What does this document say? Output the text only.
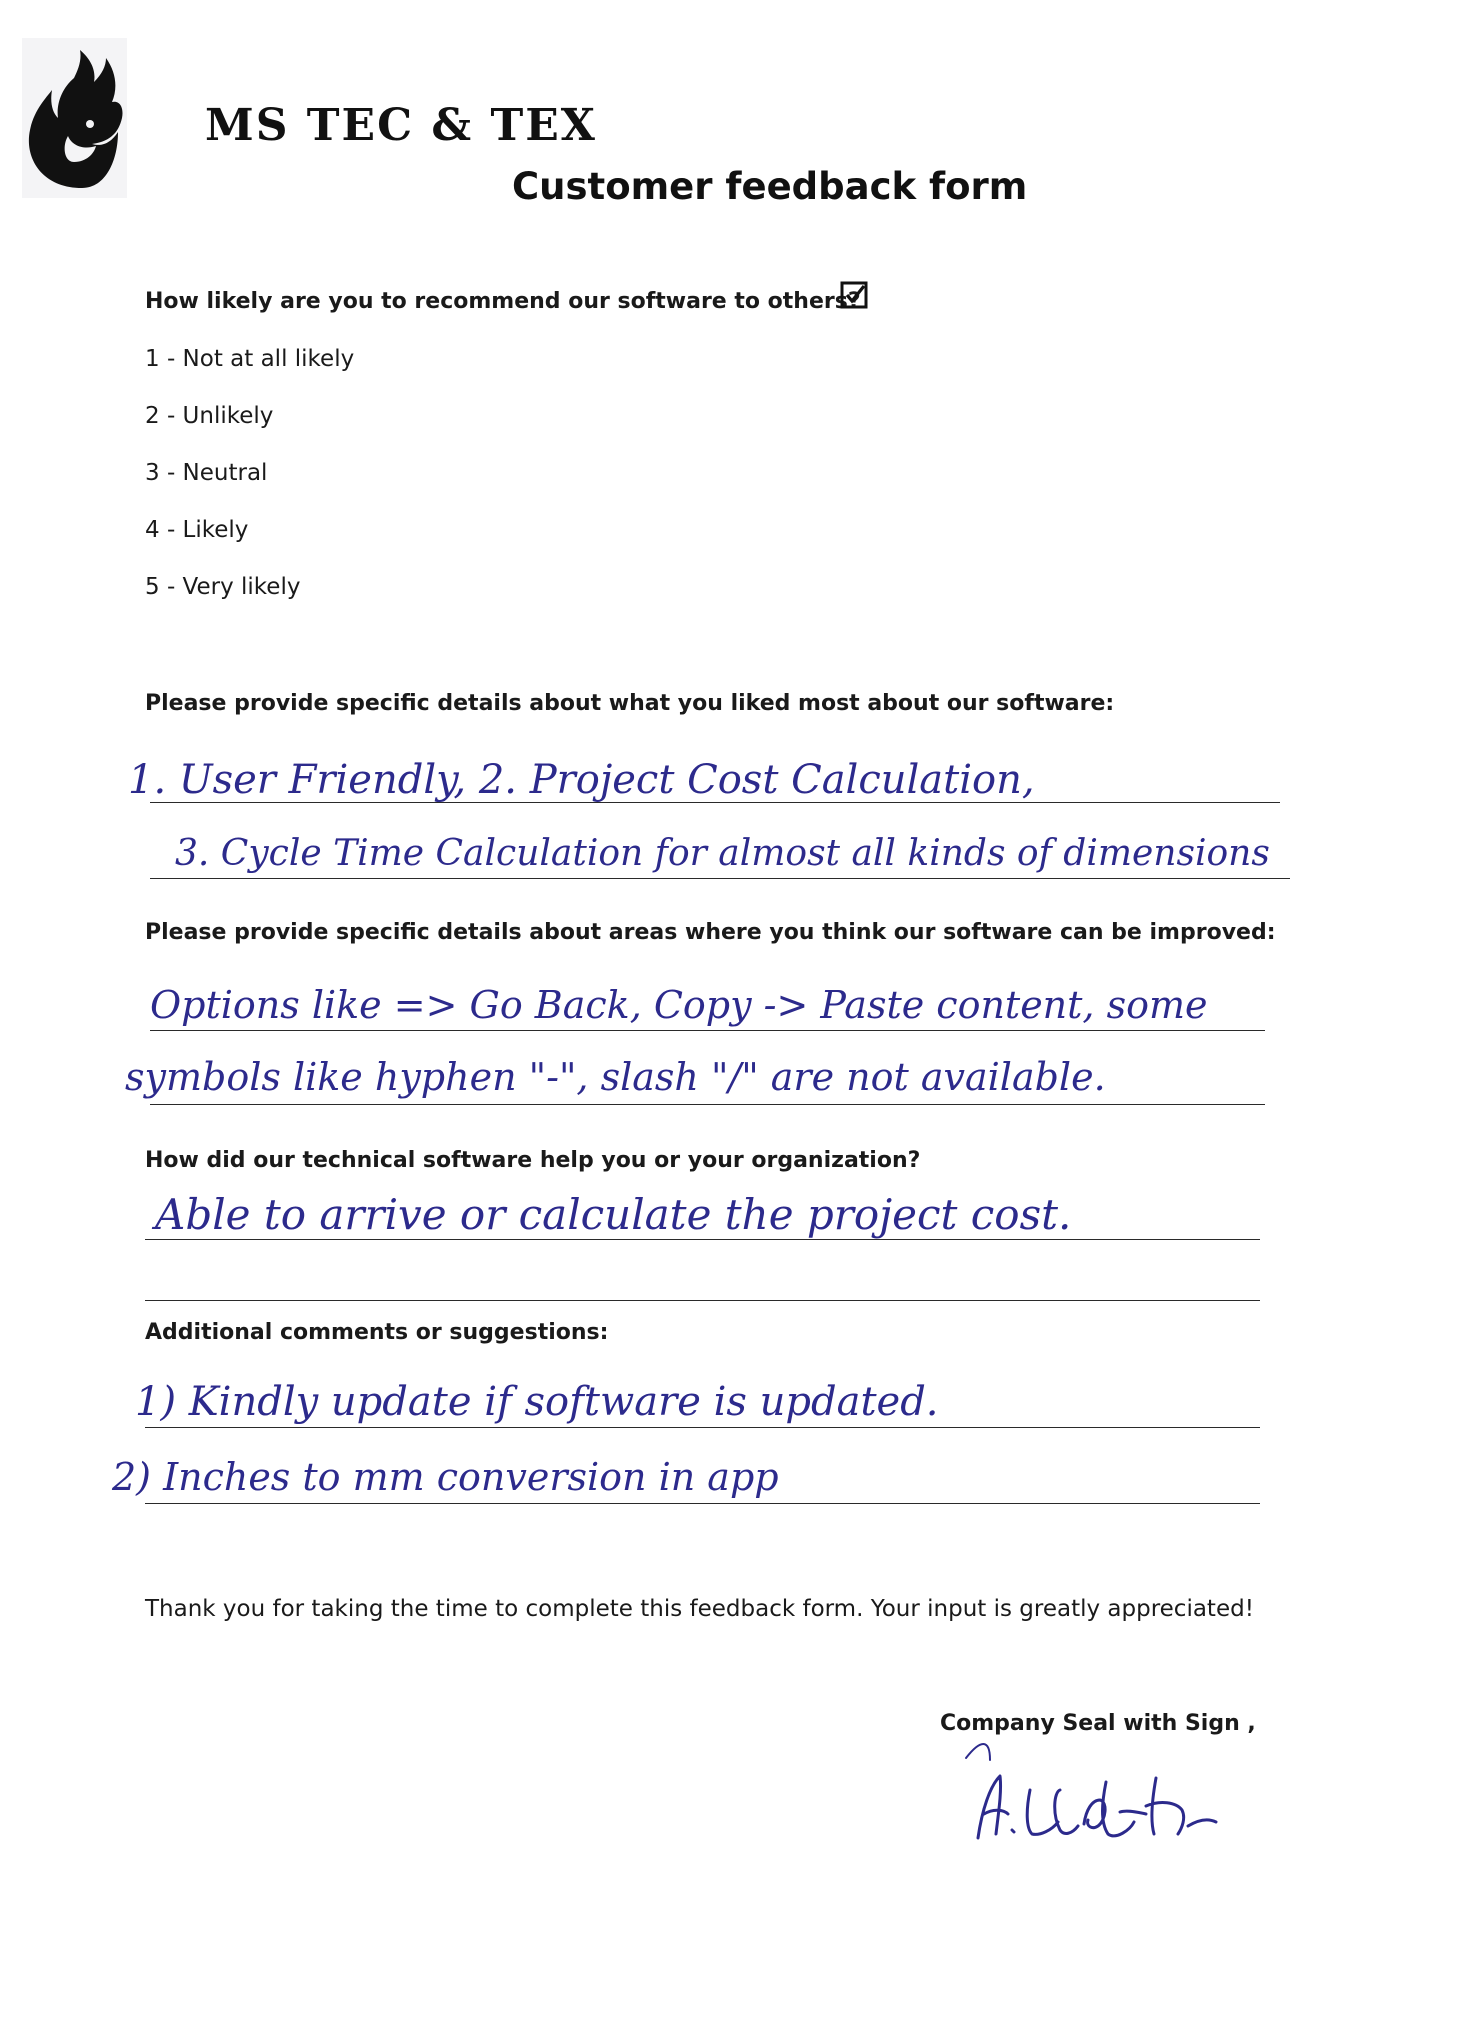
MS TEC & TEX
Customer feedback form
How likely are you to recommend our software to others?
1 - Not at all likely
2 - Unlikely
3 - Neutral
4 - Likely
5 - Very likely
Please provide specific details about what you liked most about our software:
1. User Friendly, 2. Project Cost Calculation,
3. Cycle Time Calculation for almost all kinds of dimensions
Please provide specific details about areas where you think our software can be improved:
Options like => Go Back, Copy -> Paste content, some
symbols like hyphen "-", slash "/" are not available.
How did our technical software help you or your organization?
Able to arrive or calculate the project cost.
Additional comments or suggestions:
1) Kindly update if software is updated.
2) Inches to mm conversion in app
Thank you for taking the time to complete this feedback form. Your input is greatly appreciated!
Company Seal with Sign ,
